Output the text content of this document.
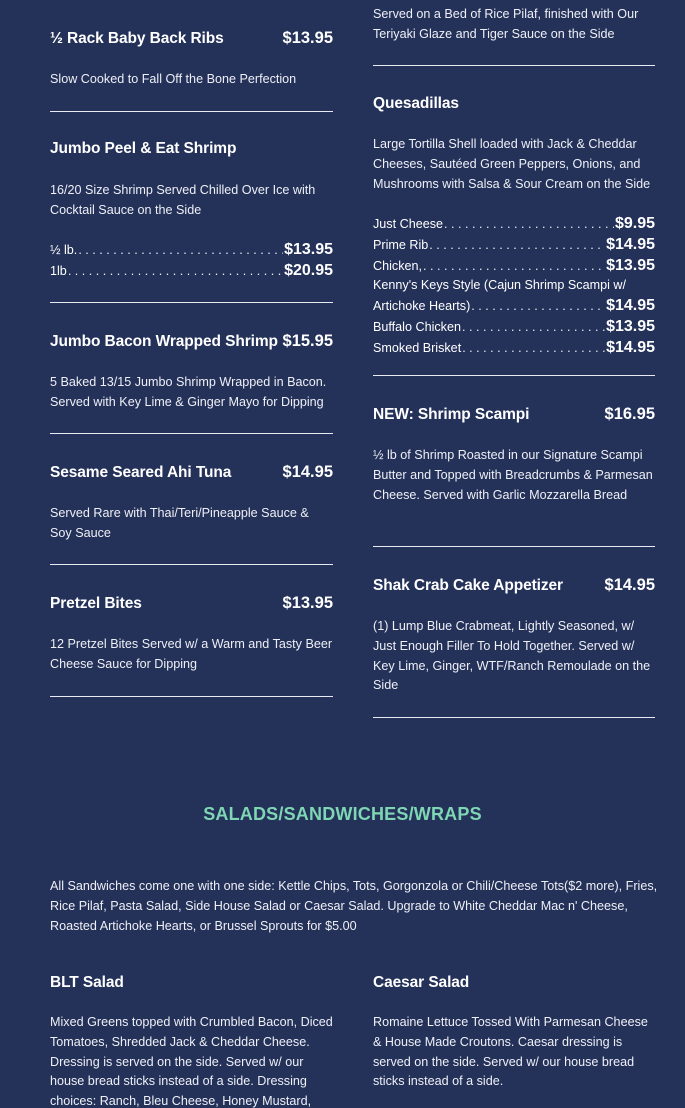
½ Rack Baby Back Ribs	$13.95
Slow Cooked to Fall Off the Bone Perfection
Jumbo Peel & Eat Shrimp
16/20 Size Shrimp Served Chilled Over Ice with Cocktail Sauce on the Side
½ lb. . . .	$13.95
1lb . . .	$20.95
Jumbo Bacon Wrapped Shrimp $15.95
5 Baked 13/15 Jumbo Shrimp Wrapped in Bacon. Served with Key Lime & Ginger Mayo for Dipping
Sesame Seared Ahi Tuna	$14.95
Served Rare with Thai/Teri/Pineapple Sauce & Soy Sauce
Pretzel Bites	$13.95
12 Pretzel Bites Served w/ a Warm and Tasty Beer Cheese Sauce for Dipping
Served on a Bed of Rice Pilaf, finished with Our Teriyaki Glaze and Tiger Sauce on the Side
Quesadillas
Large Tortilla Shell loaded with Jack & Cheddar Cheeses, Sautéed Green Peppers, Onions, and Mushrooms with Salsa & Sour Cream on the Side
Just Cheese . . .	$9.95
Prime Rib . . .	$14.95
Chicken, . . .	$13.95
Kenny's Keys Style (Cajun Shrimp Scampi w/
Artichoke Hearts) . . .	$14.95
Buffalo Chicken . . .	$13.95
Smoked Brisket . . .	$14.95
NEW: Shrimp Scampi	$16.95
½ lb of Shrimp Roasted in our Signature Scampi Butter and Topped with Breadcrumbs & Parmesan Cheese. Served with Garlic Mozzarella Bread
Shak Crab Cake Appetizer	$14.95
(1) Lump Blue Crabmeat, Lightly Seasoned, w/ Just Enough Filler To Hold Together. Served w/ Key Lime, Ginger, WTF/Ranch Remoulade on the Side
SALADS/SANDWICHES/WRAPS
All Sandwiches come one with one side: Kettle Chips, Tots, Gorgonzola or Chili/Cheese Tots($2 more), Fries, Rice Pilaf, Pasta Salad, Side House Salad or Caesar Salad. Upgrade to White Cheddar Mac n' Cheese, Roasted Artichoke Hearts, or Brussel Sprouts for $5.00
BLT Salad
Mixed Greens topped with Crumbled Bacon, Diced Tomatoes, Shredded Jack & Cheddar Cheese. Dressing is served on the side. Served w/ our house bread sticks instead of a side. Dressing choices: Ranch, Bleu Cheese, Honey Mustard,
Caesar Salad
Romaine Lettuce Tossed With Parmesan Cheese & House Made Croutons. Caesar dressing is served on the side. Served w/ our house bread sticks instead of a side.
